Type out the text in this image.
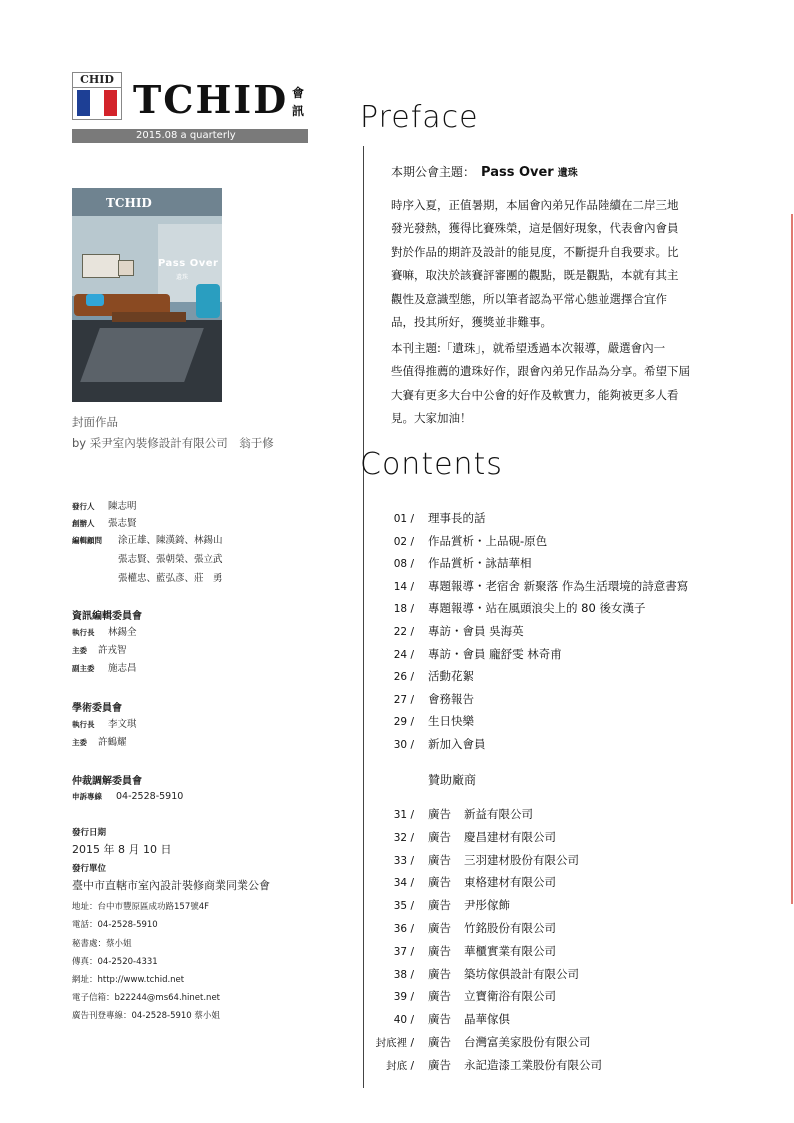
CHID TCHID 會訊
2015.08 a quarterly
TCHID
Pass Over
遺珠
封面作品
by 采尹室內裝修設計有限公司　翁于修
發行人 陳志明
創辦人 張志賢
編輯顧問 涂正雄、陳漢錡、林錫山
張志賢、張朝榮、張立武
張權忠、藍弘彥、莊　勇
資訊編輯委員會
執行長 林錫全
主委 許戎智
副主委 施志昌
學術委員會
執行長 李文琪
主委 許鶴耀
仲裁調解委員會
申訴專線 04-2528-5910
發行日期
2015 年 8 月 10 日
發行單位
臺中市直轄市室內設計裝修商業同業公會
地址：台中市豐原區成功路157號4F
電話：04-2528-5910
秘書處：蔡小姐
傳真：04-2520-4331
網址：http://www.tchid.net
電子信箱：b22244@ms64.hinet.net
廣告刊登專線：04-2528-5910 蔡小姐
Preface
本期公會主題： Pass Over 遺珠
時序入夏，正值暑期，本屆會內弟兄作品陸續在二岸三地
發光發熱，獲得比賽殊榮，這是個好現象，代表會內會員
對於作品的期許及設計的能見度，不斷提升自我要求。比
賽嘛，取決於該賽評審團的觀點，既是觀點，本就有其主
觀性及意識型態，所以筆者認為平常心態並選擇合宜作
品，投其所好，獲獎並非難事。
本刊主題:「遺珠」，就希望透過本次報導，嚴選會內一
些值得推薦的遺珠好作，跟會內弟兄作品為分享。希望下屆
大賽有更多大台中公會的好作及軟實力，能夠被更多人看
見。大家加油！
Contents
01 / 理事長的話
02 / 作品賞析・上品硯-原色
08 / 作品賞析・詠喆華相
14 / 專題報導・老宿舍 新聚落 作為生活環境的詩意書寫
18 / 專題報導・站在風頭浪尖上的 80 後女漢子
22 / 專訪・會員 吳海英
24 / 專訪・會員 龐舒雯 林奇甫
26 / 活動花絮
27 / 會務報告
29 / 生日快樂
30 / 新加入會員
贊助廠商
31 / 廣告 新益有限公司
32 / 廣告 慶昌建材有限公司
33 / 廣告 三羽建材股份有限公司
34 / 廣告 東格建材有限公司
35 / 廣告 尹彤傢飾
36 / 廣告 竹銘股份有限公司
37 / 廣告 華櫃實業有限公司
38 / 廣告 築坊傢俱設計有限公司
39 / 廣告 立寶衛浴有限公司
40 / 廣告 晶華傢俱
封底裡 / 廣告 台灣富美家股份有限公司
封底 / 廣告 永記造漆工業股份有限公司
